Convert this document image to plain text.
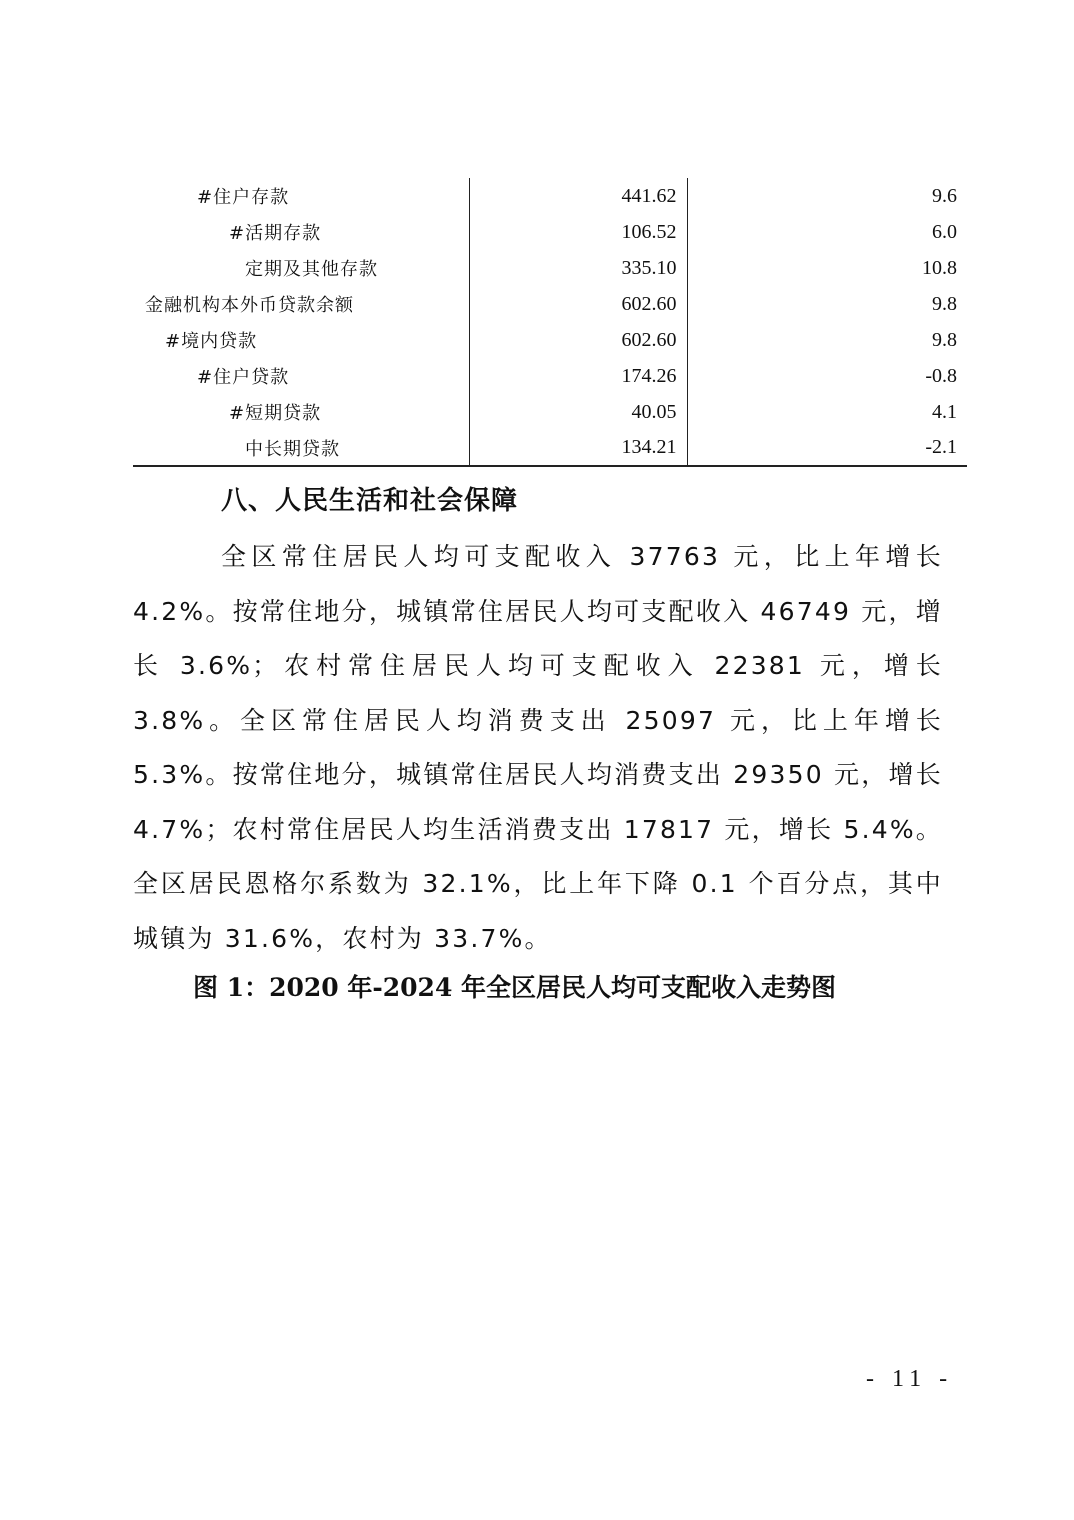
#住户存款	441.62	9.6
#活期存款	106.52	6.0
定期及其他存款	335.10	10.8
金融机构本外币贷款余额	602.60	9.8
#境内贷款	602.60	9.8
#住户贷款	174.26	-0.8
#短期贷款	40.05	4.1
中长期贷款	134.21	-2.1
八、人民生活和社会保障

全区常住居民人均可支配收入 37763 元，比上年增长 4.2%。按常住地分，城镇常住居民人均可支配收入 46749 元，增长 3.6%；农村常住居民人均可支配收入 22381 元，增长 3.8%。全区常住居民人均消费支出 25097 元，比上年增长 5.3%。按常住地分，城镇常住居民人均消费支出 29350 元，增长 4.7%；农村常住居民人均生活消费支出 17817 元，增长 5.4%。全区居民恩格尔系数为 32.1%，比上年下降 0.1 个百分点，其中城镇为 31.6%，农村为 33.7%。

图 1：2020 年-2024 年全区居民人均可支配收入走势图
- 11 -
